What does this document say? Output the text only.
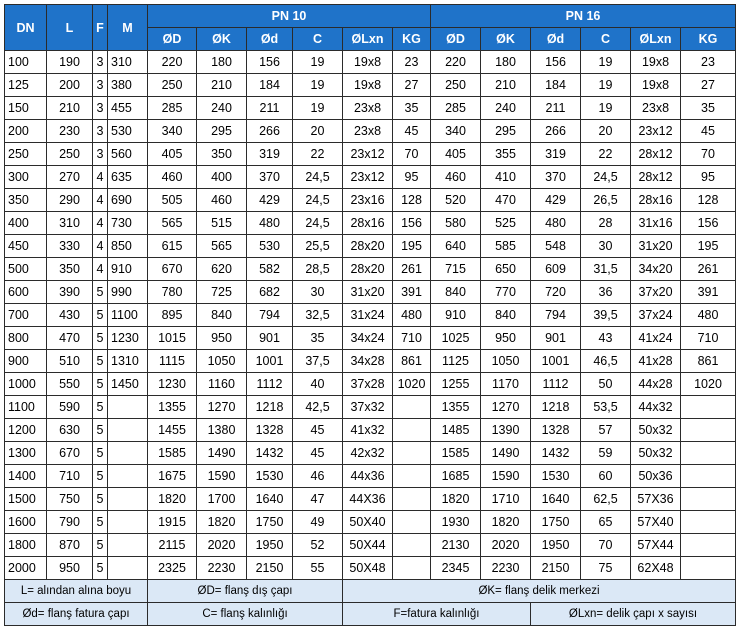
DN	L	F	M	PN 10						PN 16					
				ØD	ØK	Ød	C	ØLxn	KG	ØD	ØK	Ød	C	ØLxn	KG
100	190	3	310	220	180	156	19	19x8	23	220	180	156	19	19x8	23
125	200	3	380	250	210	184	19	19x8	27	250	210	184	19	19x8	27
150	210	3	455	285	240	211	19	23x8	35	285	240	211	19	23x8	35
200	230	3	530	340	295	266	20	23x8	45	340	295	266	20	23x12	45
250	250	3	560	405	350	319	22	23x12	70	405	355	319	22	28x12	70
300	270	4	635	460	400	370	24,5	23x12	95	460	410	370	24,5	28x12	95
350	290	4	690	505	460	429	24,5	23x16	128	520	470	429	26,5	28x16	128
400	310	4	730	565	515	480	24,5	28x16	156	580	525	480	28	31x16	156
450	330	4	850	615	565	530	25,5	28x20	195	640	585	548	30	31x20	195
500	350	4	910	670	620	582	28,5	28x20	261	715	650	609	31,5	34x20	261
600	390	5	990	780	725	682	30	31x20	391	840	770	720	36	37x20	391
700	430	5	1100	895	840	794	32,5	31x24	480	910	840	794	39,5	37x24	480
800	470	5	1230	1015	950	901	35	34x24	710	1025	950	901	43	41x24	710
900	510	5	1310	1115	1050	1001	37,5	34x28	861	1125	1050	1001	46,5	41x28	861
1000	550	5	1450	1230	1160	1112	40	37x28	1020	1255	1170	1112	50	44x28	1020
1100	590	5		1355	1270	1218	42,5	37x32		1355	1270	1218	53,5	44x32	
1200	630	5		1455	1380	1328	45	41x32		1485	1390	1328	57	50x32	
1300	670	5		1585	1490	1432	45	42x32		1585	1490	1432	59	50x32	
1400	710	5		1675	1590	1530	46	44x36		1685	1590	1530	60	50x36	
1500	750	5		1820	1700	1640	47	44X36		1820	1710	1640	62,5	57X36	
1600	790	5		1915	1820	1750	49	50X40		1930	1820	1750	65	57X40	
1800	870	5		2115	2020	1950	52	50X44		2130	2020	1950	70	57X44	
2000	950	5		2325	2230	2150	55	50X48		2345	2230	2150	75	62X48	
L= alından alına boyu				ØD= flanş dış çapı				ØK= flanş delik merkezi							
Ød= flanş fatura çapı				C= flanş kalınlığı				F=fatura kalınlığı				ØLxn= delik çapı x sayısı			
